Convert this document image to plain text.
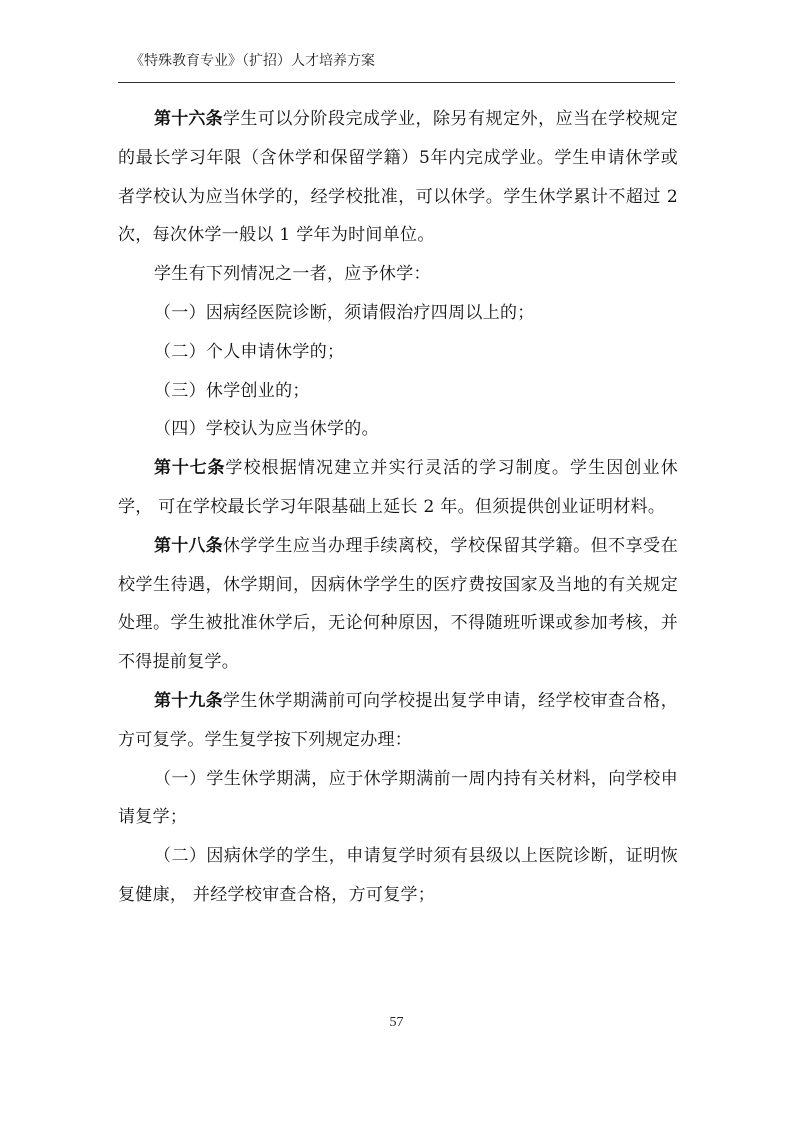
《特殊教育专业》（扩招）人才培养方案

第十六条学生可以分阶段完成学业，除另有规定外，应当在学校规定的最长学习年限（含休学和保留学籍）5年内完成学业。学生申请休学或者学校认为应当休学的，经学校批准，可以休学。学生休学累计不超过 2 次，每次休学一般以 1 学年为时间单位。

学生有下列情况之一者，应予休学：

（一）因病经医院诊断，须请假治疗四周以上的；

（二）个人申请休学的；

（三）休学创业的；

（四）学校认为应当休学的。

第十七条学校根据情况建立并实行灵活的学习制度。学生因创业休学， 可在学校最长学习年限基础上延长 2 年。但须提供创业证明材料。

第十八条休学学生应当办理手续离校，学校保留其学籍。但不享受在校学生待遇，休学期间，因病休学学生的医疗费按国家及当地的有关规定处理。学生被批准休学后，无论何种原因，不得随班听课或参加考核，并不得提前复学。

第十九条学生休学期满前可向学校提出复学申请，经学校审查合格，方可复学。学生复学按下列规定办理：

（一）学生休学期满，应于休学期满前一周内持有关材料，向学校申请复学；

（二）因病休学的学生，申请复学时须有县级以上医院诊断，证明恢复健康， 并经学校审查合格，方可复学；

57
